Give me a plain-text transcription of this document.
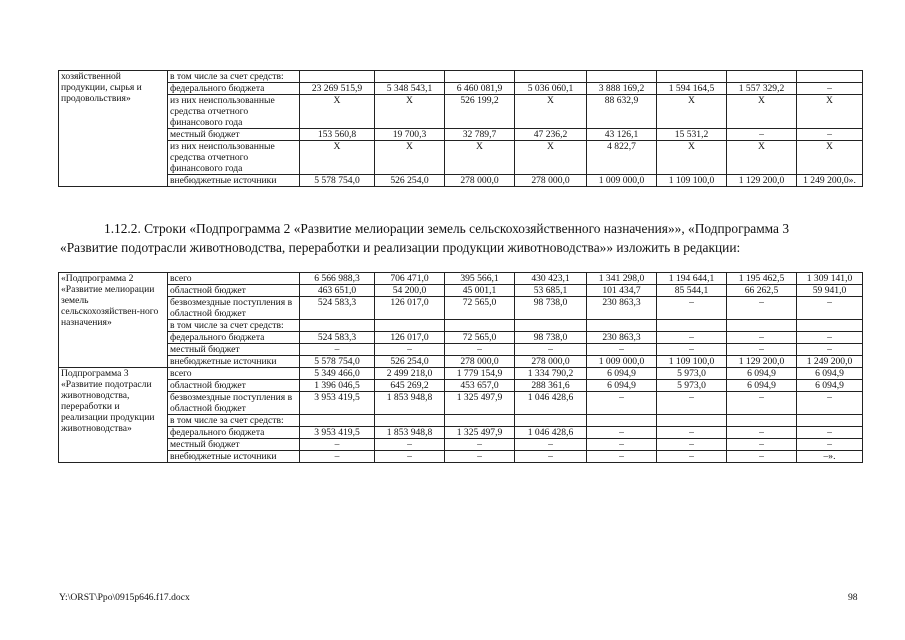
хозяйственной продукции, сырья и продовольствия»	в том числе за счет средств:								
	федерального бюджета	23 269 515,9	5 348 543,1	6 460 081,9	5 036 060,1	3 888 169,2	1 594 164,5	1 557 329,2	–
	из них неиспользованные средства отчетного финансового года	Х	Х	526 199,2	Х	88 632,9	Х	Х	Х
	местный бюджет	153 560,8	19 700,3	32 789,7	47 236,2	43 126,1	15 531,2	–	–
	из них неиспользованные средства отчетного финансового года	Х	Х	Х	Х	4 822,7	Х	Х	Х
	внебюджетные источники	5 578 754,0	526 254,0	278 000,0	278 000,0	1 009 000,0	1 109 100,0	1 129 200,0	1 249 200,0».
1.12.2. Строки «Подпрограмма 2 «Развитие мелиорации земель сельскохозяйственного назначения»», «Подпрограмма 3
«Развитие подотрасли животноводства, переработки и реализации продукции животноводства»» изложить в редакции:
«Подпрограмма 2 «Развитие мелиорации земель сельскохозяйствен-ного назначения»	всего	6 566 988,3	706 471,0	395 566,1	430 423,1	1 341 298,0	1 194 644,1	1 195 462,5	1 309 141,0
	областной бюджет	463 651,0	54 200,0	45 001,1	53 685,1	101 434,7	85 544,1	66 262,5	59 941,0
	безвозмездные поступления в областной бюджет	524 583,3	126 017,0	72 565,0	98 738,0	230 863,3	–	–	–
	в том числе за счет средств:								
	федерального бюджета	524 583,3	126 017,0	72 565,0	98 738,0	230 863,3	–	–	–
	местный бюджет	–	–	–	–	–	–	–	–
	внебюджетные источники	5 578 754,0	526 254,0	278 000,0	278 000,0	1 009 000,0	1 109 100,0	1 129 200,0	1 249 200,0
Подпрограмма 3 «Развитие подотрасли животноводства, переработки и реализации продукции животноводства»	всего	5 349 466,0	2 499 218,0	1 779 154,9	1 334 790,2	6 094,9	5 973,0	6 094,9	6 094,9
	областной бюджет	1 396 046,5	645 269,2	453 657,0	288 361,6	6 094,9	5 973,0	6 094,9	6 094,9
	безвозмездные поступления в областной бюджет	3 953 419,5	1 853 948,8	1 325 497,9	1 046 428,6	–	–	–	–
	в том числе за счет средств:								
	федерального бюджета	3 953 419,5	1 853 948,8	1 325 497,9	1 046 428,6	–	–	–	–
	местный бюджет	–	–	–	–	–	–	–	–
	внебюджетные источники	–	–	–	–	–	–	–	–».
Y:\ORST\Ppo\0915p646.f17.docx	98
